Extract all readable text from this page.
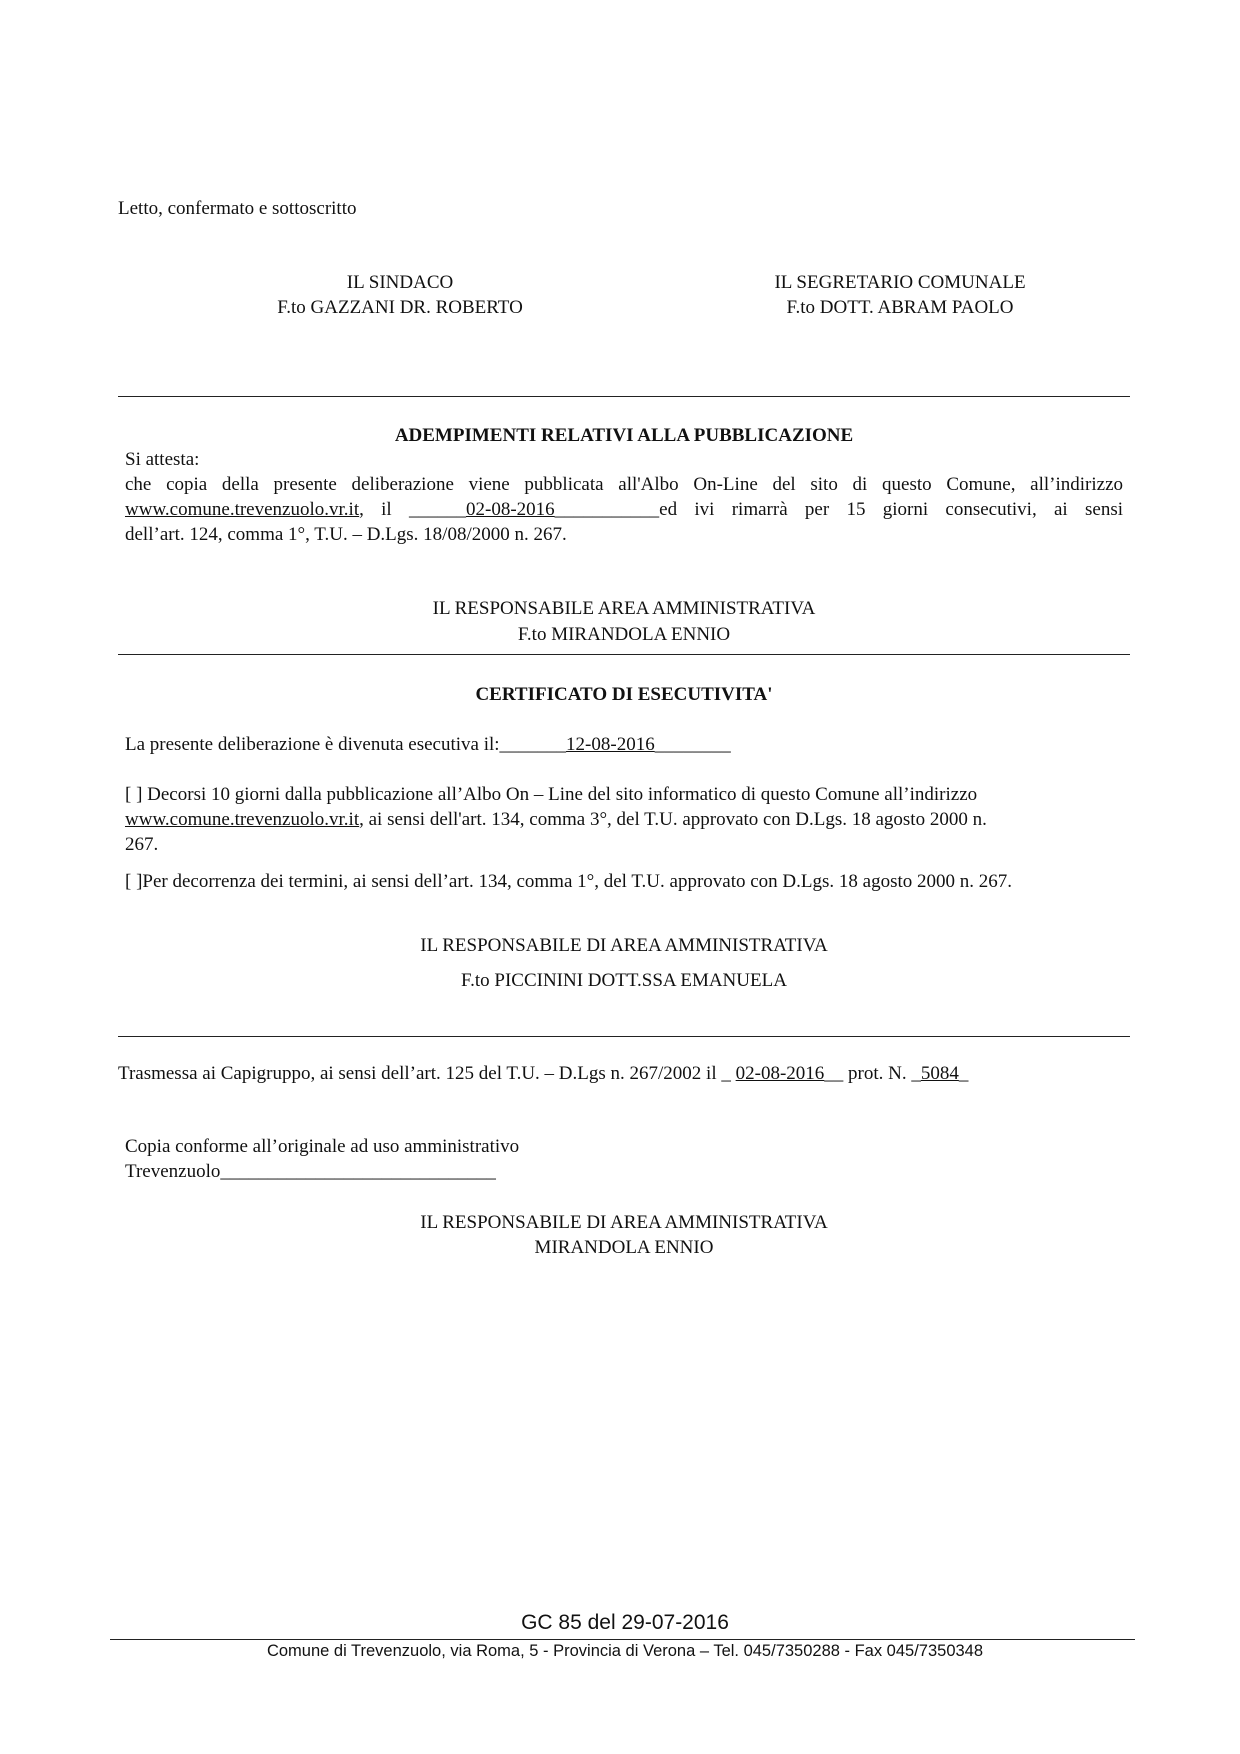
Letto, confermato e sottoscritto
IL SINDACO
F.to GAZZANI DR. ROBERTO
IL SEGRETARIO COMUNALE
F.to DOTT. ABRAM PAOLO
ADEMPIMENTI RELATIVI ALLA PUBBLICAZIONE
Si attesta:
che copia della presente deliberazione viene pubblicata all'Albo On-Line del sito di questo Comune, all’indirizzo
www.comune.trevenzuolo.vr.it, il ______02-08-2016___________ed ivi rimarrà per 15 giorni consecutivi, ai sensi
dell’art. 124, comma 1°, T.U. – D.Lgs. 18/08/2000 n. 267.
IL RESPONSABILE AREA AMMINISTRATIVA
F.to MIRANDOLA ENNIO
CERTIFICATO DI ESECUTIVITA'
La presente deliberazione è divenuta esecutiva il:_______12-08-2016________
[ ] Decorsi 10 giorni dalla pubblicazione all’Albo On – Line del sito informatico di questo Comune all’indirizzo
www.comune.trevenzuolo.vr.it, ai sensi dell'art. 134, comma 3°, del T.U. approvato con D.Lgs. 18 agosto 2000 n.
267.
[ ]Per decorrenza dei termini, ai sensi dell’art. 134, comma 1°, del T.U. approvato con D.Lgs. 18 agosto 2000 n. 267.
IL RESPONSABILE DI AREA AMMINISTRATIVA
F.to PICCININI DOTT.SSA EMANUELA
Trasmessa ai Capigruppo, ai sensi dell’art. 125 del T.U. – D.Lgs n. 267/2002 il _ 02-08-2016__ prot. N. _5084_
Copia conforme all’originale ad uso amministrativo
Trevenzuolo_____________________________
IL RESPONSABILE DI AREA AMMINISTRATIVA
MIRANDOLA ENNIO
GC 85 del 29-07-2016
Comune di Trevenzuolo, via Roma, 5 - Provincia di Verona – Tel. 045/7350288 - Fax 045/7350348
